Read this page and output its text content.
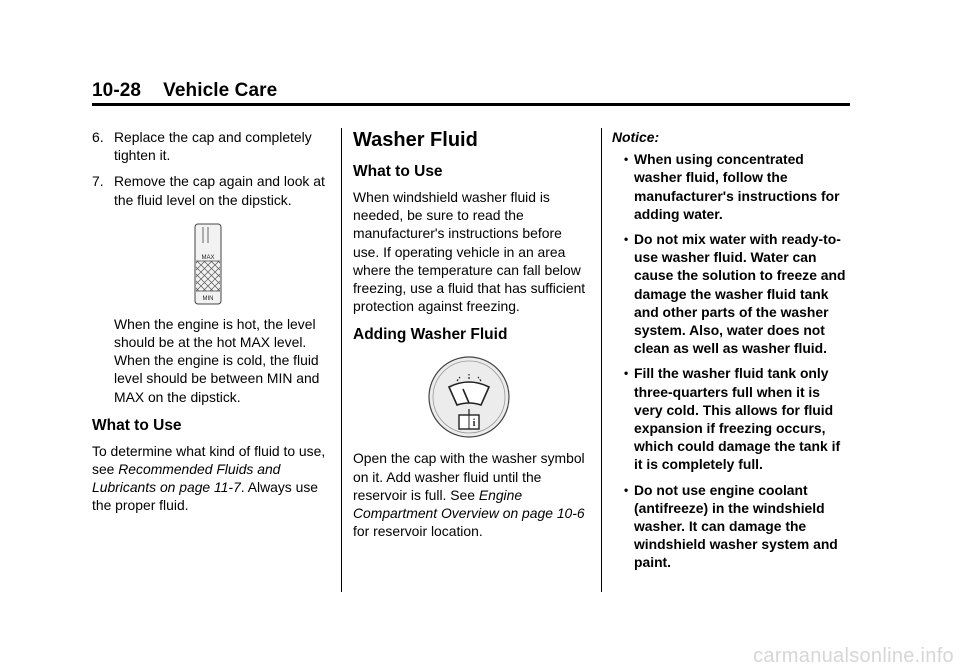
10-28 Vehicle Care
6. Replace the cap and completely tighten it.
7. Remove the cap again and look at the fluid level on the dipstick.
MAX
MIN

When the engine is hot, the level should be at the hot MAX level. When the engine is cold, the fluid level should be between MIN and MAX on the dipstick.

What to Use

To determine what kind of fluid to use, see Recommended Fluids and Lubricants on page 11-7. Always use the proper fluid.

Washer Fluid
What to Use

When windshield washer fluid is needed, be sure to read the manufacturer's instructions before use. If operating vehicle in an area where the temperature can fall below freezing, use a fluid that has sufficient protection against freezing.

Adding Washer Fluid
i

Open the cap with the washer symbol on it. Add washer fluid until the reservoir is full. See Engine Compartment Overview on page 10-6 for reservoir location.

Notice:
• When using concentrated washer fluid, follow the manufacturer's instructions for adding water.
• Do not mix water with ready-to-use washer fluid. Water can cause the solution to freeze and damage the washer fluid tank and other parts of the washer system. Also, water does not clean as well as washer fluid.
• Fill the washer fluid tank only three-quarters full when it is very cold. This allows for fluid expansion if freezing occurs, which could damage the tank if it is completely full.
• Do not use engine coolant (antifreeze) in the windshield washer. It can damage the windshield washer system and paint.
carmanualsonline.info
